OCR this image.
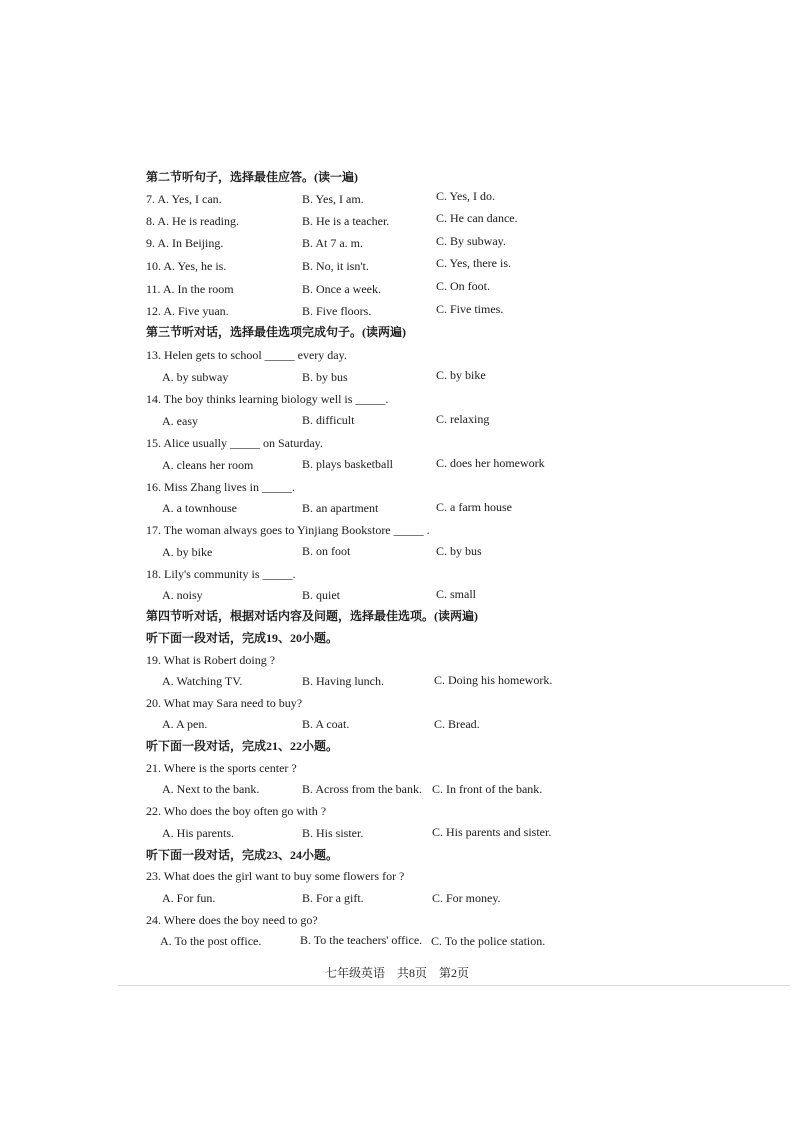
第二节听句子，选择最佳应答。(读一遍)
7. A. Yes, I can.	B. Yes, I am.	C. Yes, I do.
8. A. He is reading.	B. He is a teacher.	C. He can dance.
9. A. In Beijing.	B. At 7 a. m.	C. By subway.
10. A. Yes, he is.	B. No, it isn't.	C. Yes, there is.
11. A. In the room	B. Once a week.	C. On foot.
12. A. Five yuan.	B. Five floors.	C. Five times.
第三节听对话，选择最佳选项完成句子。(读两遍)
13. Helen gets to school _____ every day.
A. by subway	B. by bus	C. by bike
14. The boy thinks learning biology well is _____.
A. easy	B. difficult	C. relaxing
15. Alice usually _____ on Saturday.
A. cleans her room	B. plays basketball	C. does her homework
16. Miss Zhang lives in _____.
A. a townhouse	B. an apartment	C. a farm house
17. The woman always goes to Yinjiang Bookstore _____ .
A. by bike	B. on foot	C. by bus
18. Lily's community is _____.
A. noisy	B. quiet	C. small
第四节听对话，根据对话内容及问题，选择最佳选项。(读两遍)
听下面一段对话，完成19、20小题。
19. What is Robert doing ?
A. Watching TV.	B. Having lunch.	C. Doing his homework.
20. What may Sara need to buy?
A. A pen.	B. A coat.	C. Bread.
听下面一段对话，完成21、22小题。
21. Where is the sports center ?
A. Next to the bank.	B. Across from the bank. C. In front of the bank.
22. Who does the boy often go with ?
A. His parents.	B. His sister.	C. His parents and sister.
听下面一段对话，完成23、24小题。
23. What does the girl want to buy some flowers for ?
A. For fun.	B. For a gift.	C. For money.
24. Where does the boy need to go?
A. To the post office.	B. To the teachers' office. C. To the police station.
七年级英语　共8页　第2页
